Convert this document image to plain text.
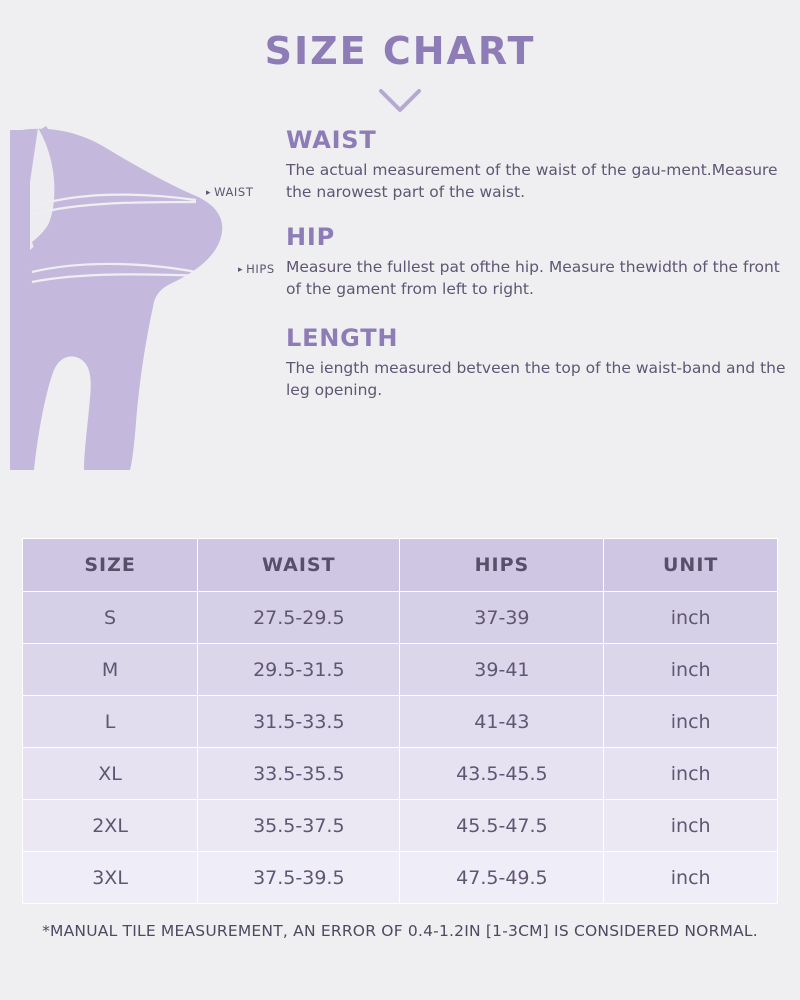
SIZE CHART
▸ WAIST
▸ HIPS
WAIST

The actual measurement of the waist of the gau-ment.Measure the narowest part of the waist.

HIP

Measure the fullest pat ofthe hip. Measure thewidth of the front of the gament from left to right.

LENGTH

The iength measured betveen the top of the waist-band and the leg opening.

SIZE	WAIST	HIPS	UNIT
S	27.5-29.5	37-39	inch
M	29.5-31.5	39-41	inch
L	31.5-33.5	41-43	inch
XL	33.5-35.5	43.5-45.5	inch
2XL	35.5-37.5	45.5-47.5	inch
3XL	37.5-39.5	47.5-49.5	inch
*MANUAL TILE MEASUREMENT, AN ERROR OF 0.4-1.2IN [1-3CM] IS CONSIDERED NORMAL.
